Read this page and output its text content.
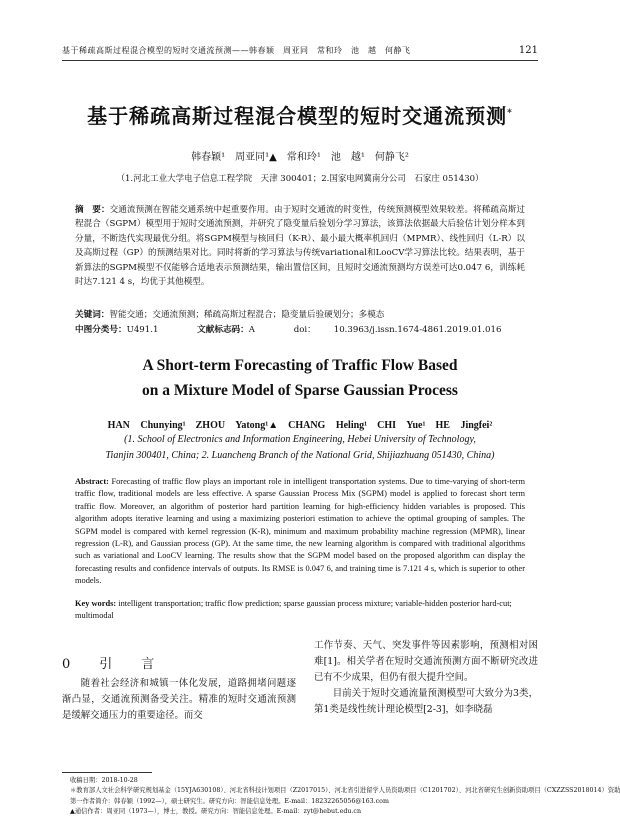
基于稀疏高斯过程混合模型的短时交通流预测——韩春颖　周亚同　常和玲　池　越　何静飞	121
基于稀疏高斯过程混合模型的短时交通流预测*
韩春颖¹　周亚同¹▲　常和玲¹　池　越¹　何静飞²
（1.河北工业大学电子信息工程学院　天津 300401；2.国家电网冀南分公司　石家庄 051430）
摘　要：交通流预测在智能交通系统中起重要作用。由于短时交通流的时变性，传统预测模型效果较差。将稀疏高斯过程混合（SGPM）模型用于短时交通流预测，并研究了隐变量后验划分学习算法，该算法依据最大后验估计划分样本到分量，不断迭代实现最优分组。将SGPM模型与核回归（K-R）、最小最大概率机回归（MPMR）、线性回归（L-R）以及高斯过程（GP）的预测结果对比。同时将新的学习算法与传统variational和LooCV学习算法比较。结果表明，基于新算法的SGPM模型不仅能够合适地表示预测结果，输出置信区间，且短时交通流预测均方误差可达0.047 6，训练耗时达7.121 4 s，均优于其他模型。
关键词：智能交通；交通流预测；稀疏高斯过程混合；隐变量后验硬划分；多模态
中图分类号：U491.1	文献标志码：A	doi： 10.3963/j.issn.1674-4861.2019.01.016
A Short-term Forecasting of Traffic Flow Based
on a Mixture Model of Sparse Gaussian Process
HAN Chunying¹　ZHOU Yatong¹▲　CHANG Heling¹　CHI Yue¹　HE Jingfei²
(1. School of Electronics and Information Engineering, Hebei University of Technology,
Tianjin 300401, China; 2. Luancheng Branch of the National Grid, Shijiazhuang 051430, China)
Abstract: Forecasting of traffic flow plays an important role in intelligent transportation systems. Due to time-varying of short-term traffic flow, traditional models are less effective. A sparse Gaussian Process Mix (SGPM) model is applied to forecast short term traffic flow. Moreover, an algorithm of posterior hard partition learning for high-efficiency hidden variables is proposed. This algorithm adopts iterative learning and using a maximizing posteriori estimation to achieve the optimal grouping of samples. The SGPM model is compared with kernel regression (K-R), minimum and maximum probability machine regression (MPMR), linear regression (L-R), and Gaussian process (GP). At the same time, the new learning algorithm is compared with traditional algorithms such as variational and LooCV learning. The results show that the SGPM model based on the proposed algorithm can display the forecasting results and confidence intervals of outputs. Its RMSE is 0.047 6, and training time is 7.121 4 s, which is superior to other models.
Key words: intelligent transportation; traffic flow prediction; sparse gaussian process mixture; variable-hidden posterior hard-cut; multimodal
0　引　言
随着社会经济和城镇一体化发展，道路拥堵问题逐渐凸显，交通流预测备受关注。精准的短时交通流预测是缓解交通压力的重要途径。而交

工作节奏、天气、突发事件等因素影响，预测相对困难[1]。相关学者在短时交通流预测方面不断研究改进已有不少成果，但仍有很大提升空间。

目前关于短时交通流量预测模型可大致分为3类，第1类是线性统计理论模型[2-3]，如李晓磊

收稿日期：2018-10-28
＊教育部人文社会科学研究规划基金（15YJA630108）、河北省科技计划项目（Z2017015）、河北省引进留学人员资助项目（C1201702）、河北省研究生创新资助项目（CXZZSS2018014）资助
第一作者简介：韩春颖（1992—），硕士研究生。研究方向：智能信息处理。E-mail：18232265056@163.com
▲通信作者：周亚同（1973—），博士，教授。研究方向：智能信息处理。E-mail：zyt@hebut.edu.cn
